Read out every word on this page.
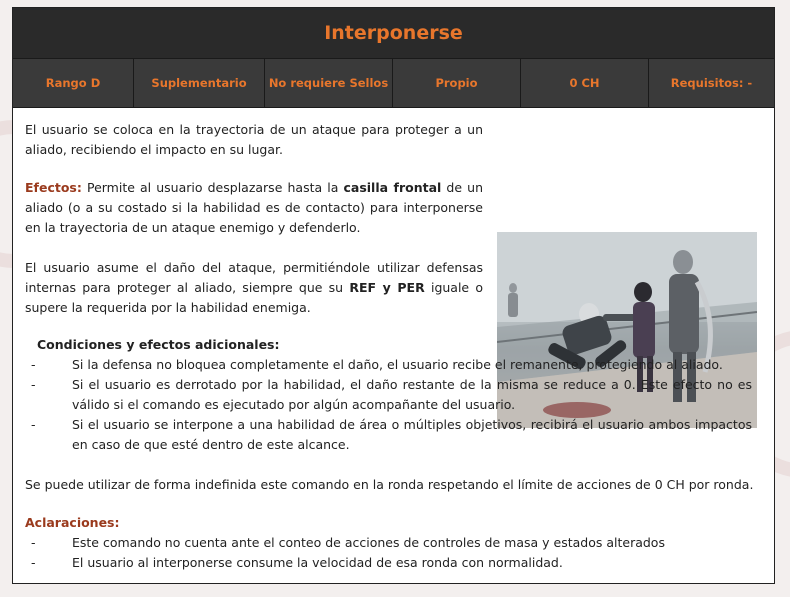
Interponerse
Rango D	Suplementario	No requiere Sellos	Propio	0 CH	Requisitos: -

El usuario se coloca en la trayectoria de un ataque para proteger a un aliado, recibiendo el impacto en su lugar.

Efectos: Permite al usuario desplazarse hasta la casilla frontal de un aliado (o a su costado si la habilidad es de contacto) para interponerse en la trayectoria de un ataque enemigo y defenderlo.

El usuario asume el daño del ataque, permitiéndole utilizar defensas internas para proteger al aliado, siempre que su REF y PER iguale o supere la requerida por la habilidad enemiga.

Condiciones y efectos adicionales:
- Si la defensa no bloquea completamente el daño, el usuario recibe el remanente, protegiendo al aliado.
- Si el usuario es derrotado por la habilidad, el daño restante de la misma se reduce a 0. Este efecto no es válido si el comando es ejecutado por algún acompañante del usuario.
- Si el usuario se interpone a una habilidad de área o múltiples objetivos, recibirá el usuario ambos impactos en caso de que esté dentro de este alcance.

Se puede utilizar de forma indefinida este comando en la ronda respetando el límite de acciones de 0 CH por ronda.

Aclaraciones:
- Este comando no cuenta ante el conteo de acciones de controles de masa y estados alterados
- El usuario al interponerse consume la velocidad de esa ronda con normalidad.
